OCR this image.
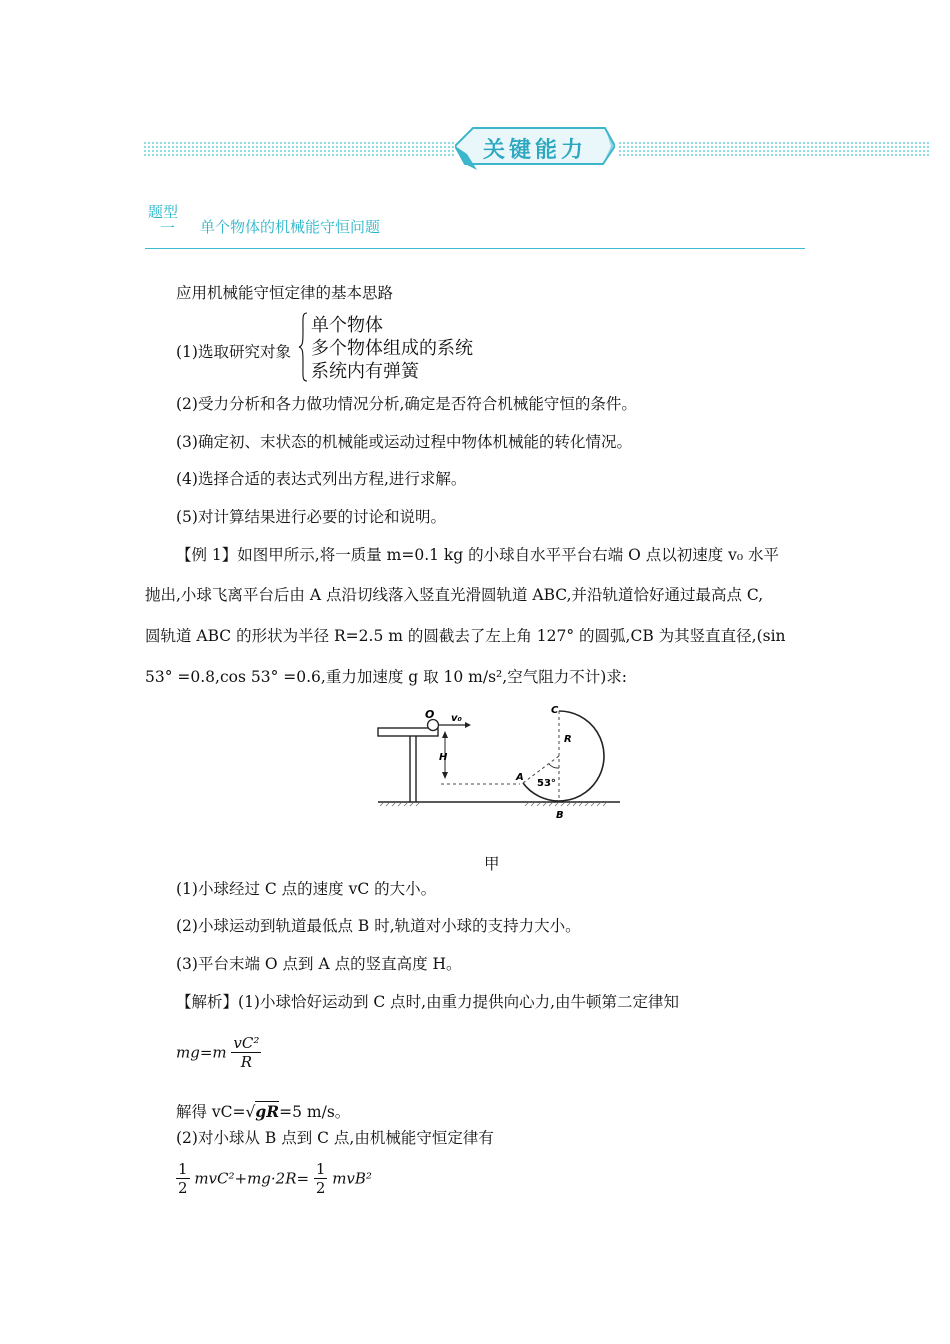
关键能力
题型
一	单个物体的机械能守恒问题
应用机械能守恒定律的基本思路
(1)选取研究对象
单个物体
多个物体组成的系统
系统内有弹簧
(2)受力分析和各力做功情况分析,确定是否符合机械能守恒的条件。
(3)确定初、末状态的机械能或运动过程中物体机械能的转化情况。
(4)选择合适的表达式列出方程,进行求解。
(5)对计算结果进行必要的讨论和说明。
【例 1】如图甲所示,将一质量 m=0.1 kg 的小球自水平平台右端 O 点以初速度 v₀ 水平
抛出,小球飞离平台后由 A 点沿切线落入竖直光滑圆轨道 ABC,并沿轨道恰好通过最高点 C,
圆轨道 ABC 的形状为半径 R=2.5 m 的圆截去了左上角 127° 的圆弧,CB 为其竖直直径,(sin
53° =0.8,cos 53° =0.6,重力加速度 g 取 10 m/s²,空气阻力不计)求:
O v₀
C
R
H
A
53°
B
甲
(1)小球经过 C 点的速度 vC 的大小。
(2)小球运动到轨道最低点 B 时,轨道对小球的支持力大小。
(3)平台末端 O 点到 A 点的竖直高度 H。
【解析】(1)小球恰好运动到 C 点时,由重力提供向心力,由牛顿第二定律知
$mg=m \frac{\text{vC²}}{R}$
解得 vC=√gR=5 m/s。
(2)对小球从 B 点到 C 点,由机械能守恒定律有
$\frac{1}{2} mvC^2+mg\cdot 2R= \frac{1}{2} mvB^2$
